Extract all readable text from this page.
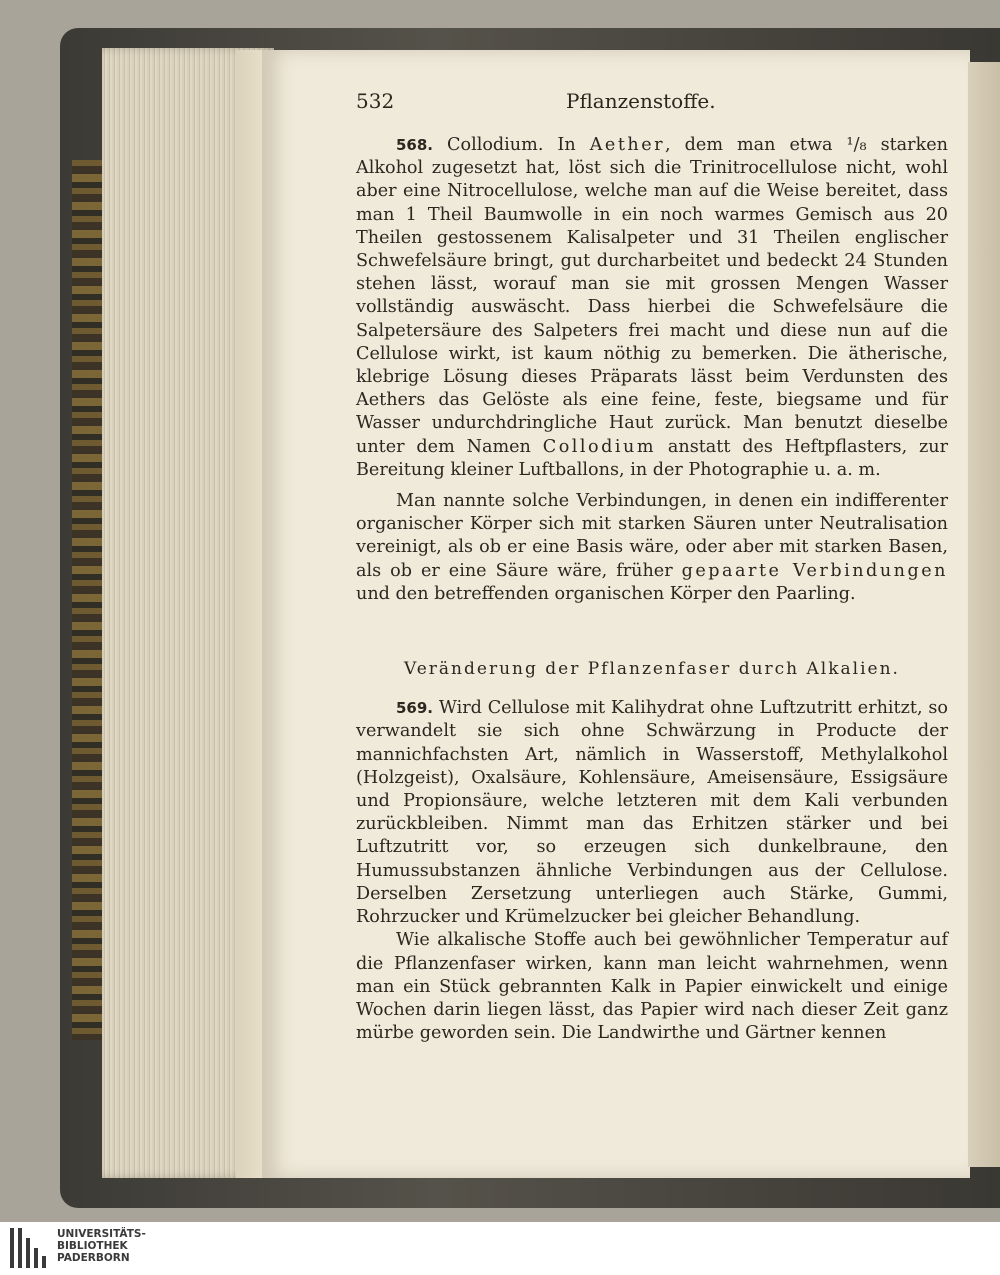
532	Pflanzenstoffe.

568. Collodium. In Aether, dem man etwa ¹/₈ starken Alkohol zugesetzt hat, löst sich die Trinitrocellulose nicht, wohl aber eine Nitrocellulose, welche man auf die Weise bereitet, dass man 1 Theil Baumwolle in ein noch warmes Gemisch aus 20 Theilen gestossenem Kalisalpeter und 31 Theilen englischer Schwefelsäure bringt, gut durcharbeitet und bedeckt 24 Stunden stehen lässt, worauf man sie mit grossen Mengen Wasser vollständig auswäscht. Dass hierbei die Schwefelsäure die Salpetersäure des Salpeters frei macht und diese nun auf die Cellulose wirkt, ist kaum nöthig zu bemerken. Die ätherische, klebrige Lösung dieses Präparats lässt beim Verdunsten des Aethers das Gelöste als eine feine, feste, biegsame und für Wasser undurchdringliche Haut zurück. Man benutzt dieselbe unter dem Namen Collodium anstatt des Heftpflasters, zur Bereitung kleiner Luftballons, in der Photographie u. a. m.

Man nannte solche Verbindungen, in denen ein indifferenter organischer Körper sich mit starken Säuren unter Neutralisation vereinigt, als ob er eine Basis wäre, oder aber mit starken Basen, als ob er eine Säure wäre, früher gepaarte Verbindungen und den betreffenden organischen Körper den Paarling.

Veränderung der Pflanzenfaser durch Alkalien.

569. Wird Cellulose mit Kalihydrat ohne Luftzutritt erhitzt, so verwandelt sie sich ohne Schwärzung in Producte der mannichfachsten Art, nämlich in Wasserstoff, Methylalkohol (Holzgeist), Oxalsäure, Kohlensäure, Ameisensäure, Essigsäure und Propionsäure, welche letzteren mit dem Kali verbunden zurückbleiben. Nimmt man das Erhitzen stärker und bei Luftzutritt vor, so erzeugen sich dunkelbraune, den Humussubstanzen ähnliche Verbindungen aus der Cellulose. Derselben Zersetzung unterliegen auch Stärke, Gummi, Rohrzucker und Krümelzucker bei gleicher Behandlung.

Wie alkalische Stoffe auch bei gewöhnlicher Temperatur auf die Pflanzenfaser wirken, kann man leicht wahrnehmen, wenn man ein Stück gebrannten Kalk in Papier einwickelt und einige Wochen darin liegen lässt, das Papier wird nach dieser Zeit ganz mürbe geworden sein. Die Landwirthe und Gärtner kennen

UNIVERSITÄTS-
BIBLIOTHEK
PADERBORN
